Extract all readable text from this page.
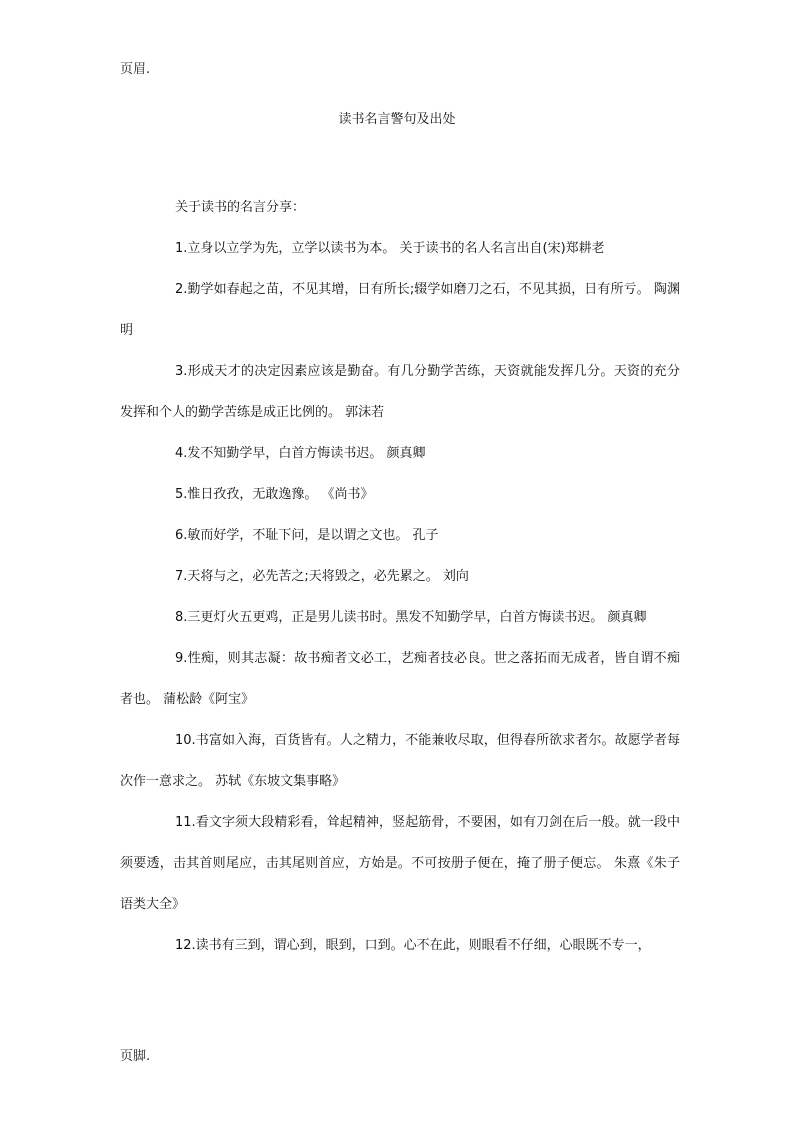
页眉.
读书名言警句及出处

关于读书的名言分享：

1.立身以立学为先，立学以读书为本。 关于读书的名人名言出自(宋)郑耕老

2.勤学如春起之苗，不见其增，日有所长;辍学如磨刀之石，不见其损，日有所亏。 陶渊明

3.形成天才的决定因素应该是勤奋。有几分勤学苦练，天资就能发挥几分。天资的充分发挥和个人的勤学苦练是成正比例的。 郭沫若

4.发不知勤学早，白首方悔读书迟。 颜真卿

5.惟日孜孜，无敢逸豫。 《尚书》

6.敏而好学，不耻下问，是以谓之文也。 孔子

7.天将与之，必先苦之;天将毁之，必先累之。 刘向

8.三更灯火五更鸡，正是男儿读书时。黑发不知勤学早，白首方悔读书迟。 颜真卿

9.性痴，则其志凝：故书痴者文必工，艺痴者技必良。世之落拓而无成者，皆自谓不痴者也。 蒲松龄《阿宝》

10.书富如入海，百货皆有。人之精力，不能兼收尽取，但得春所欲求者尔。故愿学者每次作一意求之。 苏轼《东坡文集事略》

11.看文字须大段精彩看，耸起精神，竖起筋骨，不要困，如有刀剑在后一般。就一段中须要透，击其首则尾应，击其尾则首应，方始是。不可按册子便在，掩了册子便忘。 朱熹《朱子语类大全》

12.读书有三到，谓心到，眼到，口到。心不在此，则眼看不仔细，心眼既不专一，

页脚.
